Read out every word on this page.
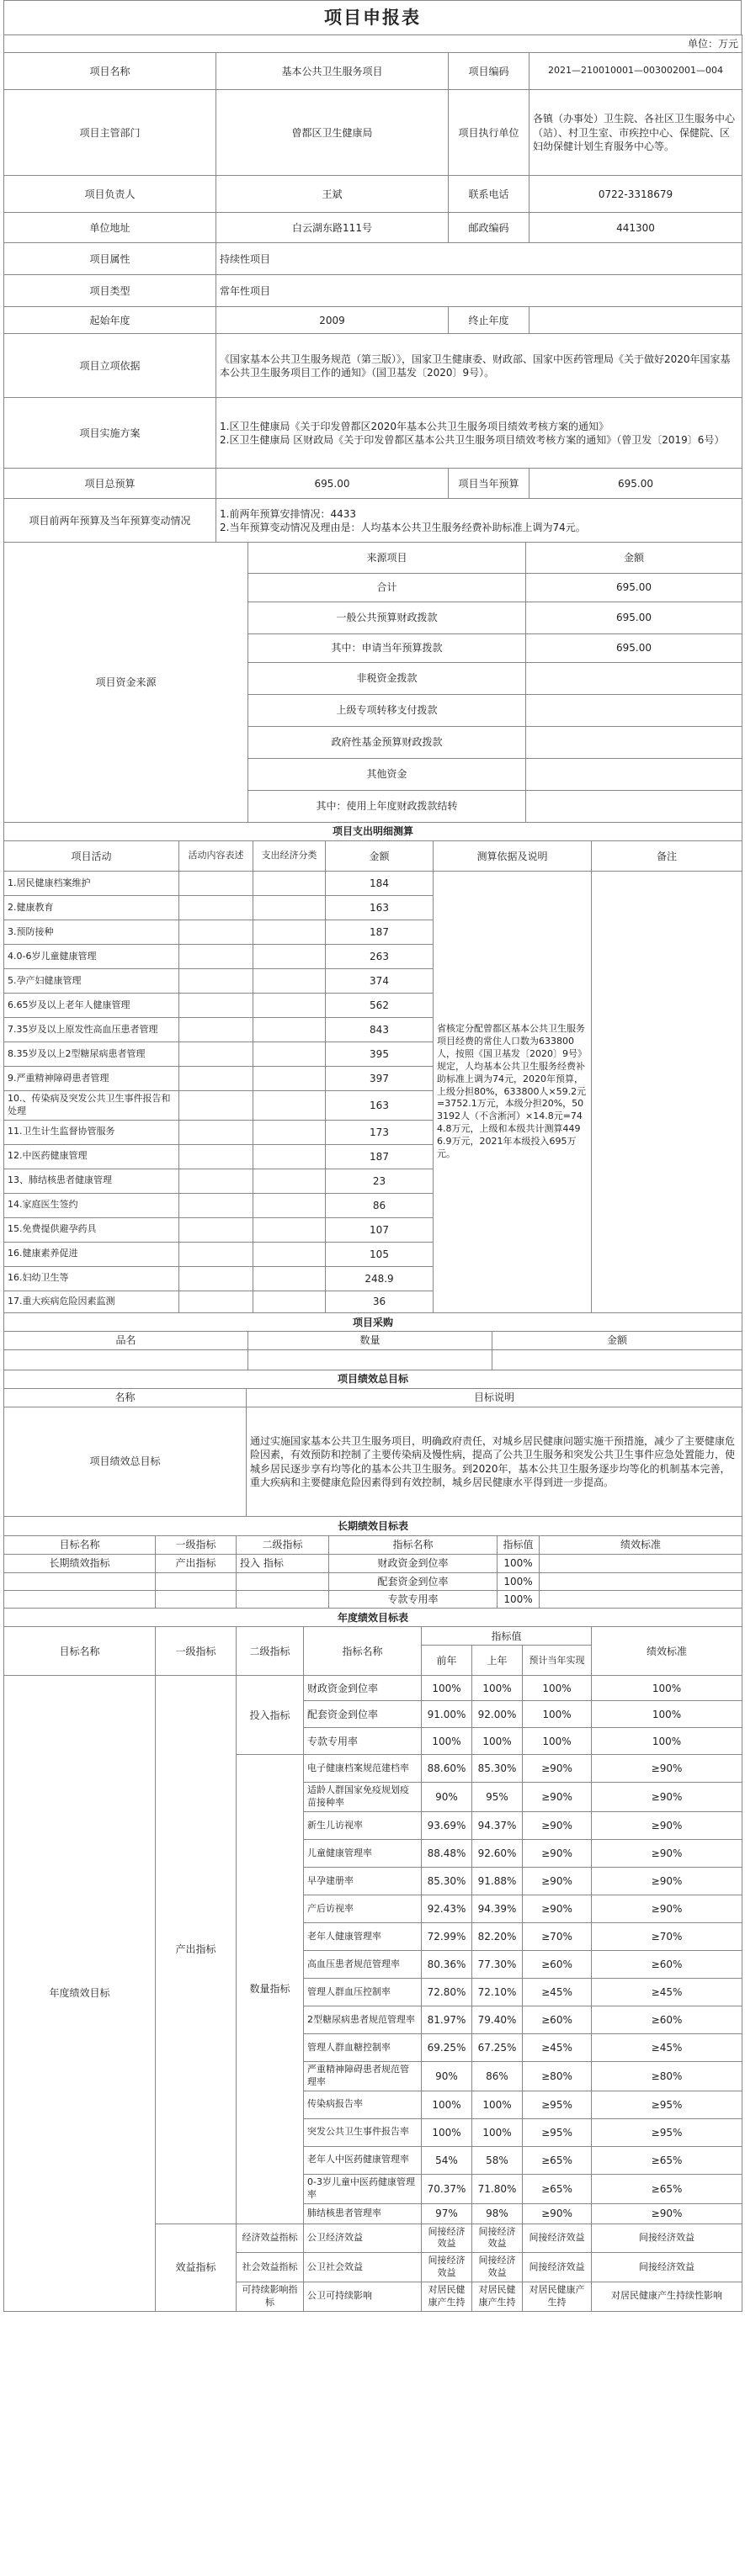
项目申报表
单位：万元			
项目名称	基本公共卫生服务项目	项目编码	2021—210010001—003002001—004
项目主管部门	曾都区卫生健康局	项目执行单位	各镇（办事处）卫生院、各社区卫生服务中心（站）、村卫生室、市疾控中心、保健院、区妇幼保健计划生育服务中心等。
项目负责人	王斌	联系电话	0722-3318679
单位地址	白云湖东路111号	邮政编码	441300
项目属性	持续性项目		
项目类型	常年性项目		
起始年度	2009	终止年度	
项目立项依据	《国家基本公共卫生服务规范（第三版）》，国家卫生健康委、财政部、国家中医药管理局《关于做好2020年国家基本公共卫生服务项目工作的通知》（国卫基发〔2020〕9号）。		
项目实施方案	1.区卫生健康局《关于印发曾都区2020年基本公共卫生服务项目绩效考核方案的通知》
2.区卫生健康局 区财政局《关于印发曾都区基本公共卫生服务项目绩效考核方案的通知》（曾卫发〔2019〕6号）		
项目总预算	695.00	项目当年预算	695.00
项目前两年预算及当年预算变动情况	1.前两年预算安排情况：4433
2.当年预算变动情况及理由是：人均基本公共卫生服务经费补助标准上调为74元。		
项目资金来源	来源项目	金额
	合计	695.00
	一般公共预算财政拨款	695.00
	其中：申请当年预算拨款	695.00
	非税资金拨款	
	上级专项转移支付拨款	
	政府性基金预算财政拨款	
	其他资金	
	其中：使用上年度财政拨款结转	
项目支出明细测算					
项目活动	活动内容表述	支出经济分类	金额	测算依据及说明	备注
1.居民健康档案维护			184	省核定分配曾都区基本公共卫生服务项目经费的常住人口数为633800人，按照《国卫基发〔2020〕9号》规定，人均基本公共卫生服务经费补助标准上调为74元，2020年预算，上级分担80%，633800人×59.2元=3752.1万元，本级分担20%，503192人（不含淅河）×14.8元=744.8万元，上级和本级共计测算4496.9万元，2021年本级投入695万元。	
2.健康教育			163		
3.预防接种			187		
4.0-6岁儿童健康管理			263		
5.孕产妇健康管理			374		
6.65岁及以上老年人健康管理			562		
7.35岁及以上原发性高血压患者管理			843		
8.35岁及以上2型糖尿病患者管理			395		
9.严重精神障碍患者管理			397		
10.、传染病及突发公共卫生事件报告和处理			163		
11.卫生计生监督协管服务			173		
12.中医药健康管理			187		
13、肺结核患者健康管理			23		
14.家庭医生签约			86		
15.免费提供避孕药具			107		
16.健康素养促进			105		
16.妇幼卫生等			248.9		
17.重大疾病危险因素监测			36		
项目采购		
品名	数量	金额

项目绩效总目标	
名称	目标说明
项目绩效总目标	通过实施国家基本公共卫生服务项目，明确政府责任，对城乡居民健康问题实施干预措施，减少了主要健康危险因素，有效预防和控制了主要传染病及慢性病，提高了公共卫生服务和突发公共卫生事件应急处置能力，使城乡居民逐步享有均等化的基本公共卫生服务。到2020年，基本公共卫生服务逐步均等化的机制基本完善，重大疾病和主要健康危险因素得到有效控制，城乡居民健康水平得到进一步提高。
长期绩效目标表					
目标名称	一级指标	二级指标	指标名称	指标值	绩效标准
长期绩效指标	产出指标	投入 指标	财政资金到位率	100%	
			配套资金到位率	100%	
			专款专用率	100%	
年度绩效目标表							
目标名称	一级指标	二级指标	指标名称	指标值			绩效标准
				前年	上年	预计当年实现	
年度绩效目标	产出指标	投入指标	财政资金到位率	100%	100%	100%	100%
			配套资金到位率	91.00%	92.00%	100%	100%
			专款专用率	100%	100%	100%	100%
		数量指标	电子健康档案规范建档率	88.60%	85.30%	≥90%	≥90%
			适龄人群国家免疫规划疫苗接种率	90%	95%	≥90%	≥90%
			新生儿访视率	93.69%	94.37%	≥90%	≥90%
			儿童健康管理率	88.48%	92.60%	≥90%	≥90%
			早孕建册率	85.30%	91.88%	≥90%	≥90%
			产后访视率	92.43%	94.39%	≥90%	≥90%
			老年人健康管理率	72.99%	82.20%	≥70%	≥70%
			高血压患者规范管理率	80.36%	77.30%	≥60%	≥60%
			管理人群血压控制率	72.80%	72.10%	≥45%	≥45%
			2型糖尿病患者规范管理率	81.97%	79.40%	≥60%	≥60%
			管理人群血糖控制率	69.25%	67.25%	≥45%	≥45%
			严重精神障碍患者规范管理率	90%	86%	≥80%	≥80%
			传染病报告率	100%	100%	≥95%	≥95%
			突发公共卫生事件报告率	100%	100%	≥95%	≥95%
			老年人中医药健康管理率	54%	58%	≥65%	≥65%
			0-3岁儿童中医药健康管理率	70.37%	71.80%	≥65%	≥65%
			肺结核患者管理率	97%	98%	≥90%	≥90%
	效益指标	经济效益指标	公卫经济效益	间接经济效益	间接经济效益	间接经济效益	间接经济效益
		社会效益指标	公卫社会效益	间接经济效益	间接经济效益	间接经济效益	间接经济效益
		可持续影响指标	公卫可持续影响	对居民健康产生持	对居民健康产生持	对居民健康产生持	对居民健康产生持续性影响
